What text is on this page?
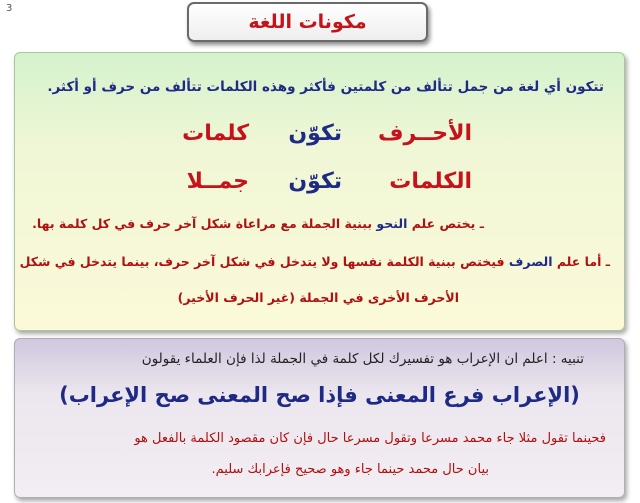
3
مكونات اللغة
تتكون أي لغة من جمل تتألف من كلمتين فأكثر وهذه الكلمات تتألف من حرف أو أكثر.
الأحــرف
تكوّن
كلمات
الكلمات
تكوّن
جمــلا
ـ يختص علم النحو ببنية الجملة مع مراعاة شكل آخر حرف في كل كلمة بها.
ـ أما علم الصرف فيختص ببنية الكلمة نفسها ولا يتدخل في شكل آخر حرف، بينما يتدخل في شكل
الأحرف الأخرى في الجملة (غير الحرف الأخير)
تنبيه : اعلم ان الإعراب هو تفسيرك لكل كلمة في الجملة لذا فإن العلماء يقولون
(الإعراب فرع المعنى فإذا صح المعنى صح الإعراب)
فحينما تقول مثلا جاء محمد مسرعا وتقول مسرعا حال فإن كان مقصود الكلمة بالفعل هو
بيان حال محمد حينما جاء وهو صحيح فإعرابك سليم.
